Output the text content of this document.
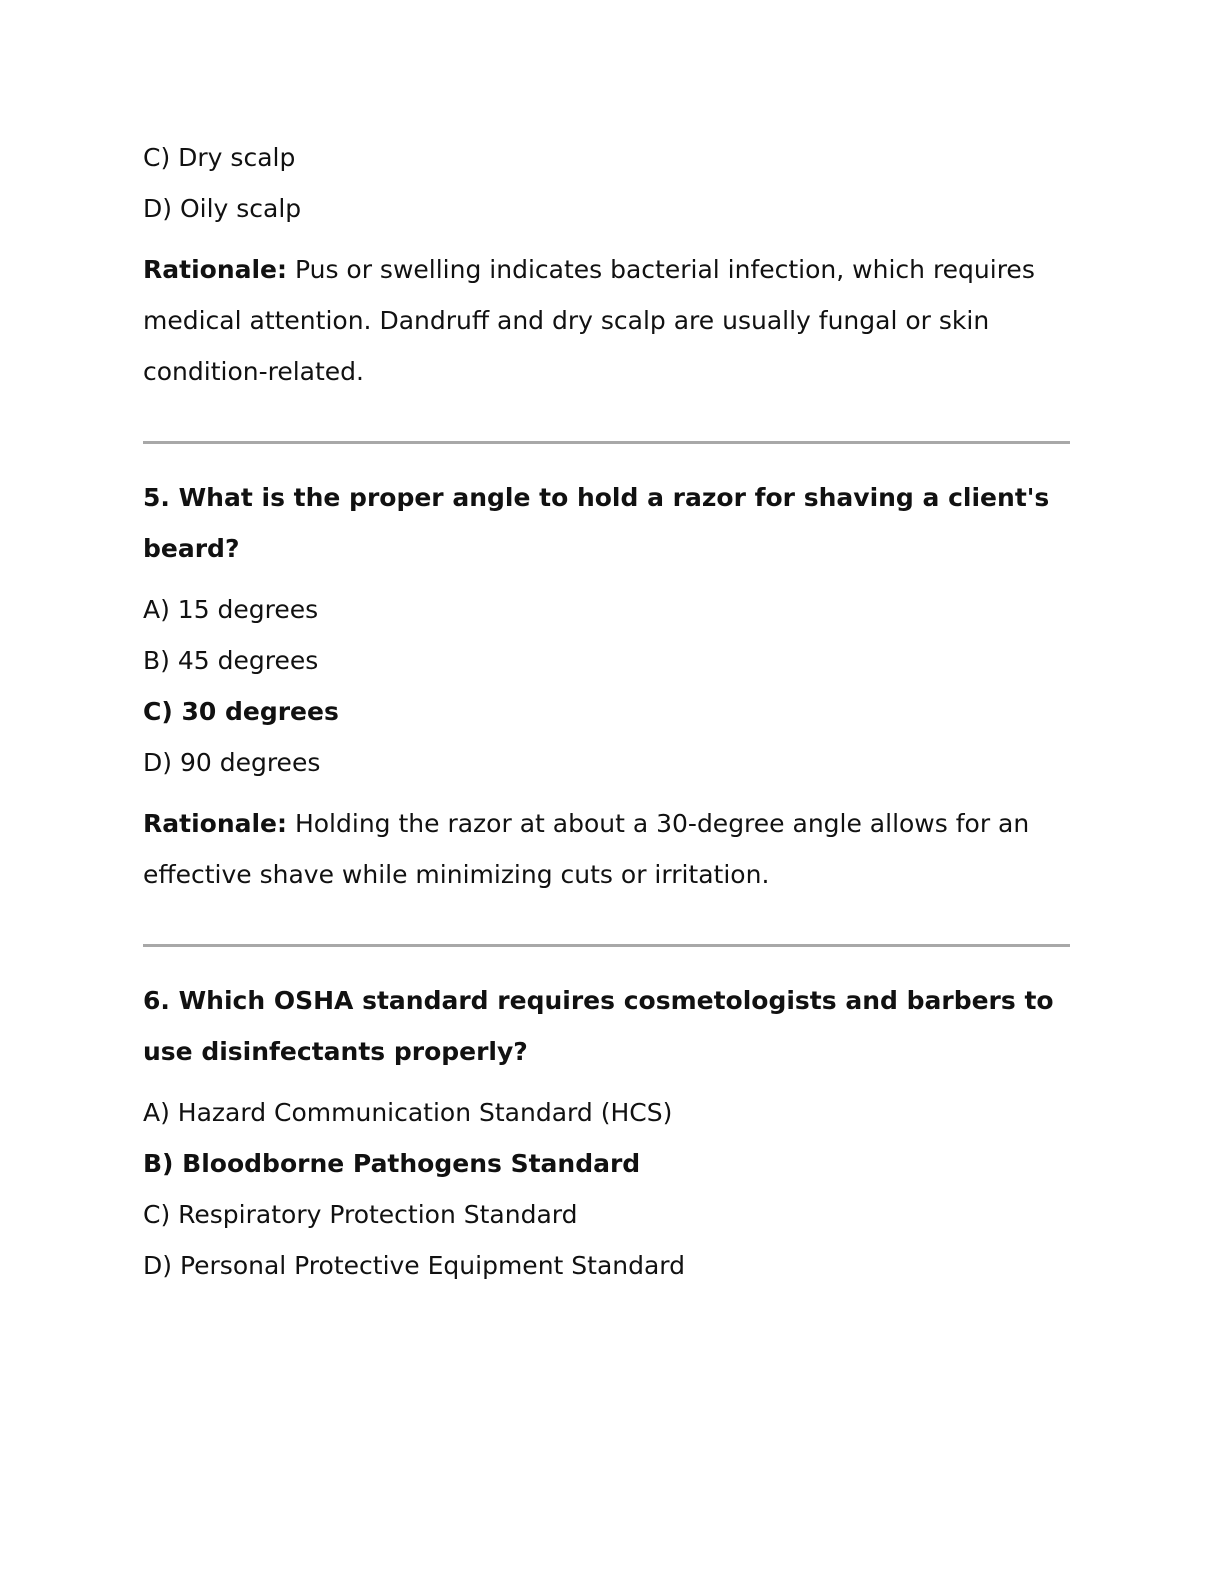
C) Dry scalp

D) Oily scalp

Rationale: Pus or swelling indicates bacterial infection, which requires medical attention. Dandruff and dry scalp are usually fungal or skin condition-related.

5. What is the proper angle to hold a razor for shaving a client's beard?

A) 15 degrees

B) 45 degrees

C) 30 degrees

D) 90 degrees

Rationale: Holding the razor at about a 30-degree angle allows for an effective shave while minimizing cuts or irritation.

6. Which OSHA standard requires cosmetologists and barbers to use disinfectants properly?

A) Hazard Communication Standard (HCS)

B) Bloodborne Pathogens Standard

C) Respiratory Protection Standard

D) Personal Protective Equipment Standard
